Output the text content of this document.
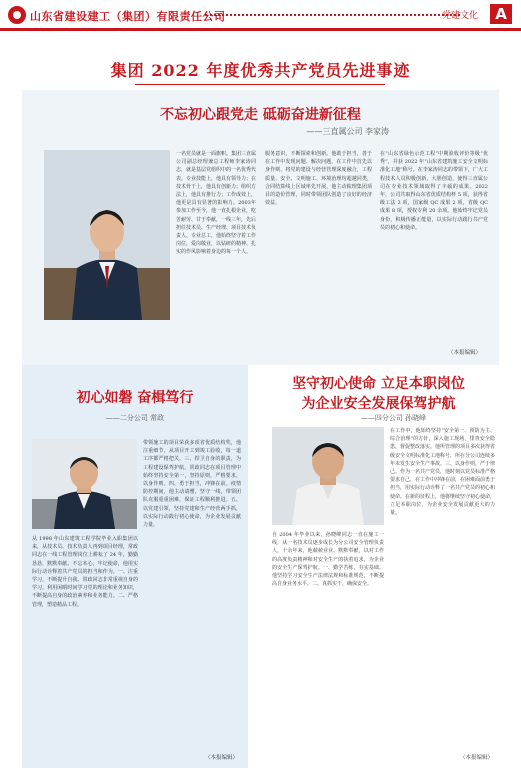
山东省建设建工（集团）有限责任公司	党建文化	A
集团 2022 年度优秀共产党员先进事迹
不忘初心跟党走 砥砺奋进新征程
——三直属公司 李家涛
一名党员就是一面旗帜。集团三直属公司副总经理兼总工程师李家涛同志，就是基层党组织中的一名优秀代表。专业技能上，他具有领导力；在技术骨干上，他具有创新力；组织方法上，他具有推行力；工作成效上，他更是具有显著的影响力。2003年参加工作至今，他一直扎根企业，吃苦耐劳、甘于奉献，一线三年，先后担任技术员、生产经理、项目技术负责人、专业总工，他始终坚守着工作岗位，爱岗敬业，以钻研的精神、扎实的作风影响着身边的每一个人。
服务意识，不断探索和创新。他敢于担当，善于在工作中发现问题、解决问题，在工作中首先以身作则，将党的建设与经营管理深度融合，工程质量、安全、文明施工、环境治理均超越同类，合同结算线上区域率先开展，他主动梳理集团项目的造价管理，同时带领团队创造了良好的经济效益。
在“山东省绿色示范工程”中期验收评价等级“优秀”，并获 2022 年“山东省建筑施工安全文明标准化工地”称号。在李家涛同志的带领下，广大工程技术人员积极创新，大胆创造，使得三直属公司在专业技术领域取得了丰硕的成果。2022 年，公司共取得山东省优质结构杯 5 项，获得省级工法 3 项，国家级 QC 成果 2 项，省级 QC 成果 8 项，授权专利 20 余项。他始终牢记党员身份，积极传播正能量，以实际行动践行共产党员的初心和使命。
（本报编辑）
初心如磐 奋楫笃行
——二分公司 常政
从 1998 年山东建筑工程学院毕业入职集团以来，从技术员、技术负责人再到项目经理，常政同志在一线工程管理岗位上耕耘了 24 年，勤勤恳恳，默默奉献。不忘本心，牢记使命，他用实际行动诠释着共产党员的担当和作为。一、注重学习，不断提升自我。常政同志非常重视自身的学习，利用闲暇时间学习党的理论和业务知识，不断提高自身的政治素养和业务能力。二、严格管理，塑造精品工程。
带领施工的项目荣获多项省优质结构奖，他注重细节，从项目开工到竣工验收，每一道工序都严格把关。三、捍卫自身的职责，为工程建设保驾护航。常政同志在项目管理中始终坚持安全第一，坚持原则，严格要求，以身作则。四、勇于担当，冲锋在前。疫情防控期间，他主动请缨，坚守一线，带领团队克服重重困难，保证工程顺利推进。五、以党建引领，坚持党建和生产经营两手抓，以实际行动践行初心使命，为企业发展贡献力量。
（本报编辑）
坚守初心使命 立足本职岗位
为企业安全发展保驾护航
——四分公司 孙晓峰
自 2004 年毕业以来，孙晓峰同志一直在施工一线，从一名技术员逐步成长为分公司安全管理负责人，十余年来，他兢兢业业，默默奉献，以对工作的高度负责精神和对安全生产的执着追求，为企业的安全生产保驾护航。一、勤学苦练，夯实基础。他坚持学习安全生产法律法规和标准规范，不断提高自身业务水平。二、真抓实干，确保安全。
在工作中，他始终坚持“安全第一、预防为主、综合治理”的方针，深入施工现场，排查安全隐患，督促整改落实。他所管理的项目多次获得省级安全文明标准化工地称号，所在分公司连续多年未发生安全生产事故。三、以身作则，严于律己。作为一名共产党员，他时刻以党员标准严格要求自己，在工作中冲锋在前，在困难面前勇于担当，用实际行动诠释了一名共产党员的初心和使命。在新的征程上，他将继续坚守初心使命，立足本职岗位，为企业安全发展贡献更大的力量。
（本报编辑）
